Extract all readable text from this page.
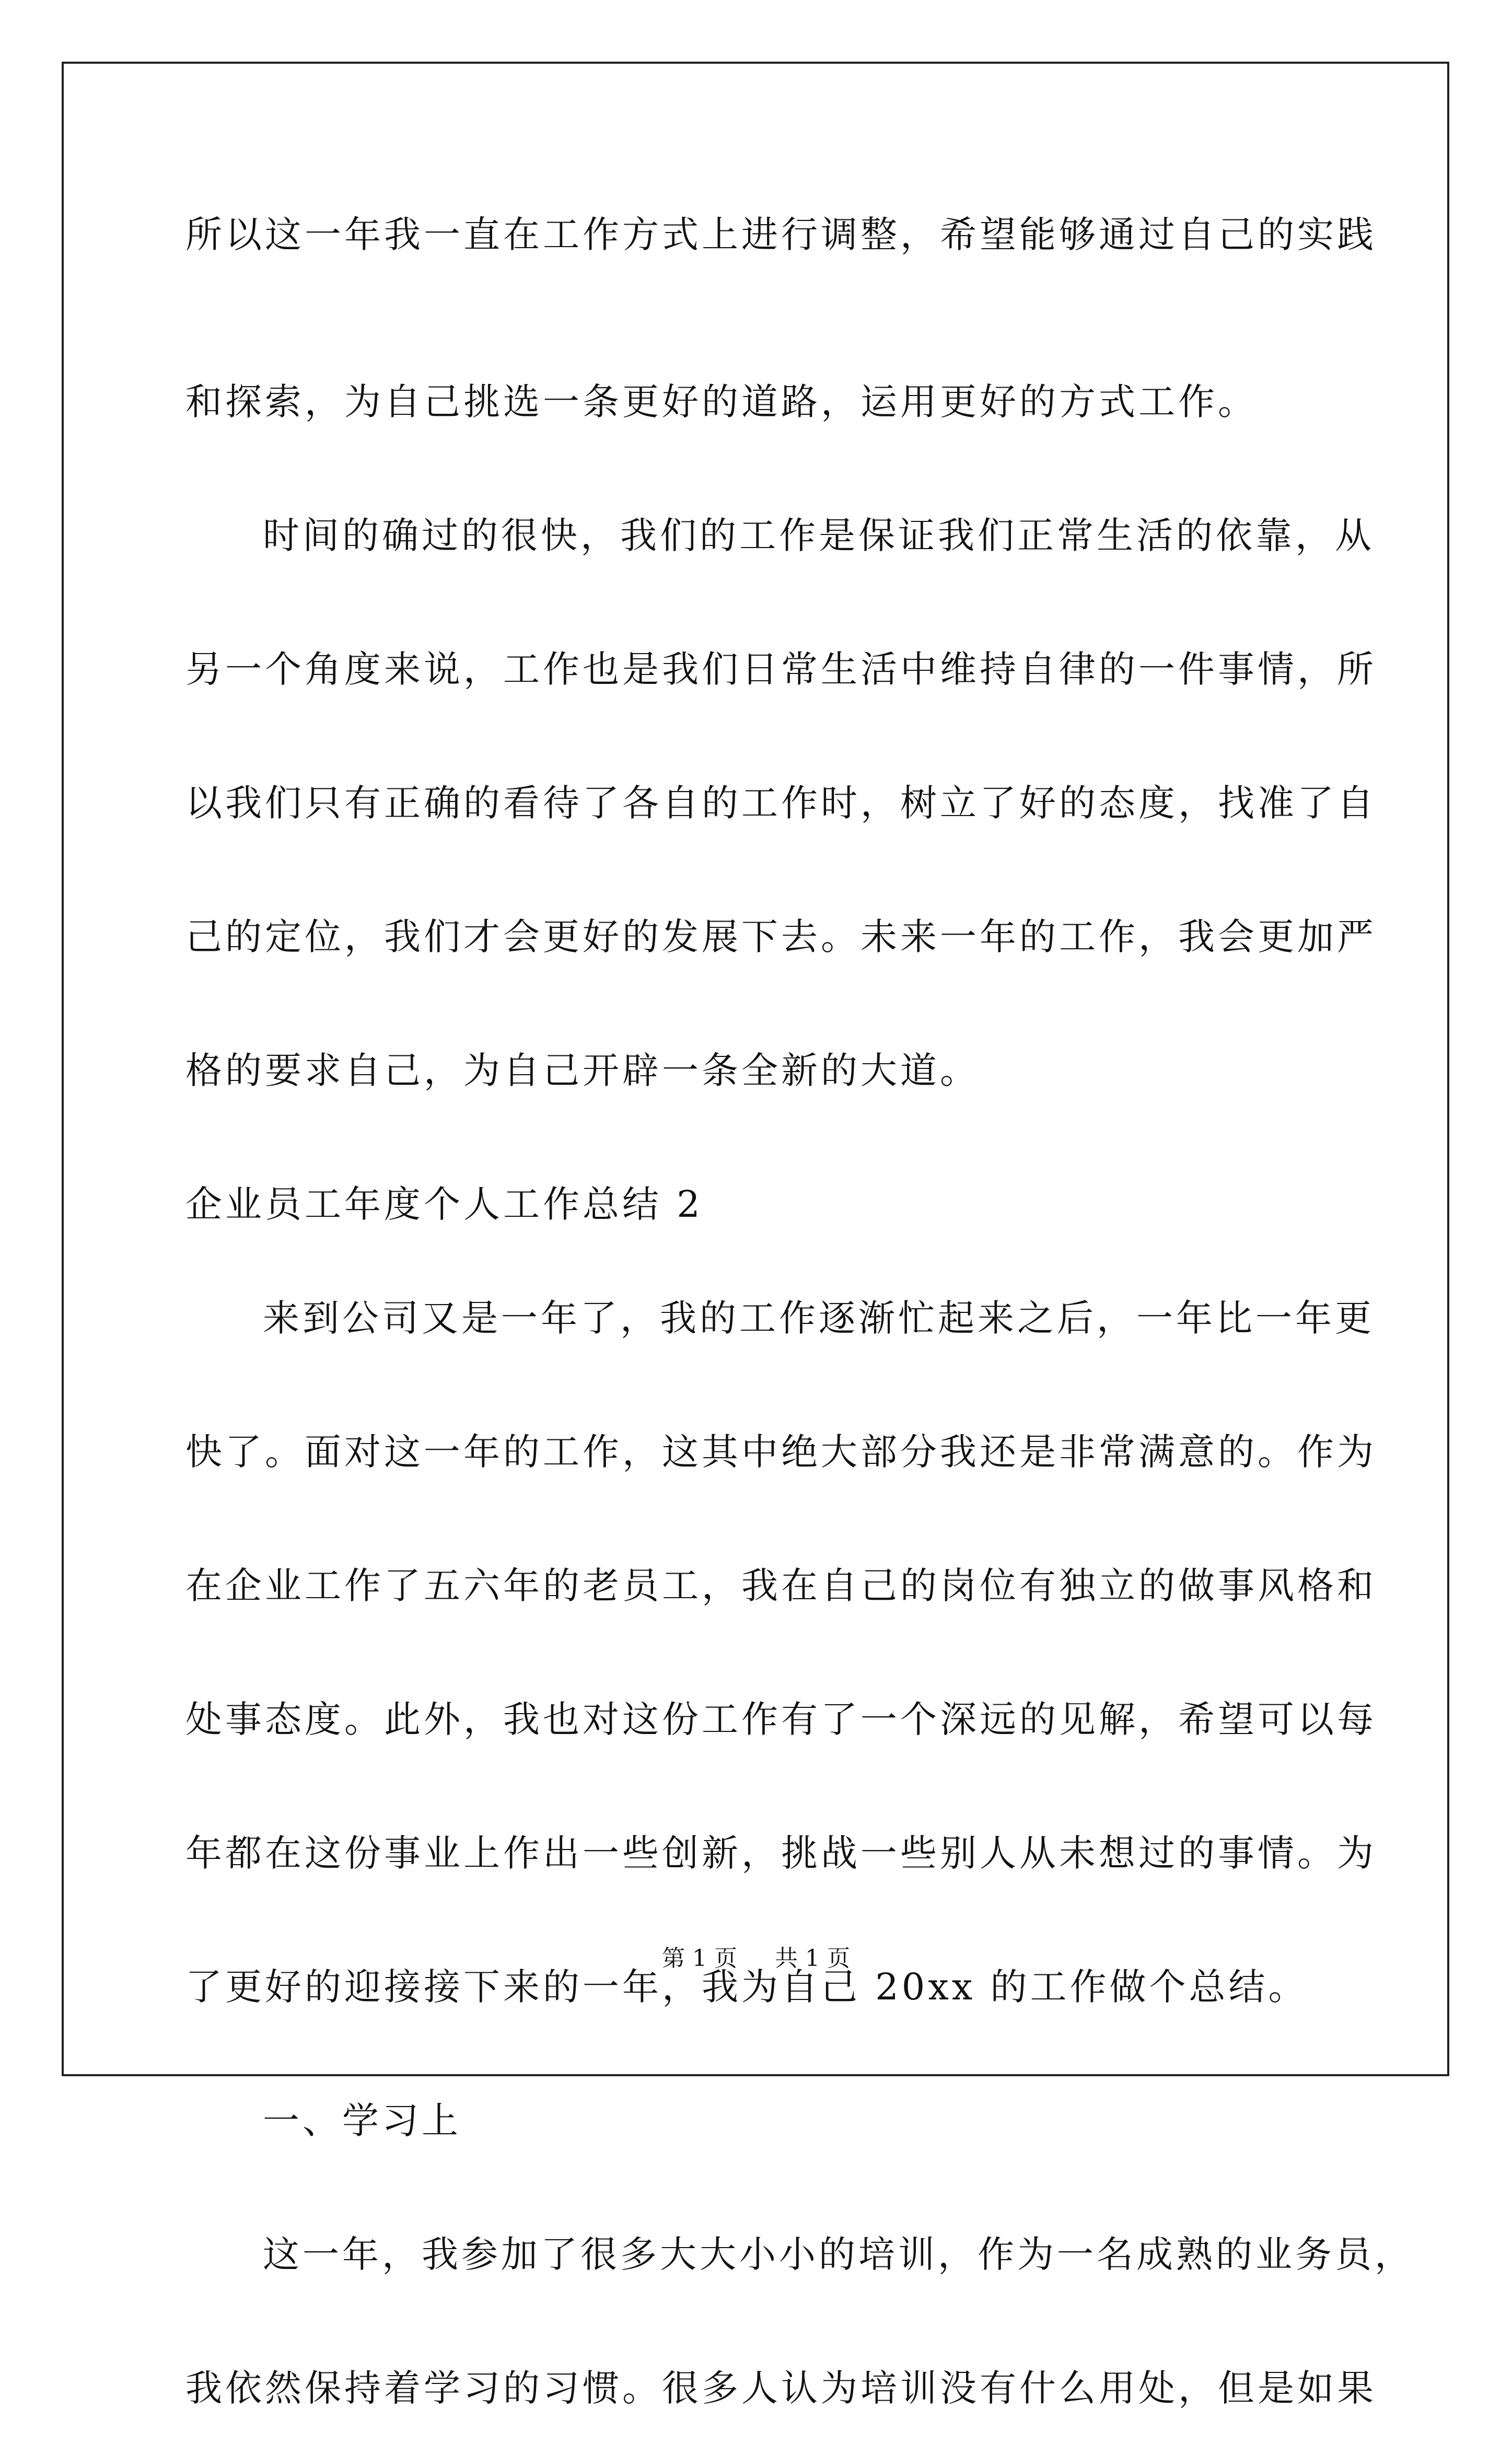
所以这一年我一直在工作方式上进行调整，希望能够通过自己的实践
和探索，为自己挑选一条更好的道路，运用更好的方式工作。
时间的确过的很快，我们的工作是保证我们正常生活的依靠，从
另一个角度来说，工作也是我们日常生活中维持自律的一件事情，所
以我们只有正确的看待了各自的工作时，树立了好的态度，找准了自
己的定位，我们才会更好的发展下去。未来一年的工作，我会更加严
格的要求自己，为自己开辟一条全新的大道。
企业员工年度个人工作总结 2
来到公司又是一年了，我的工作逐渐忙起来之后，一年比一年更
快了。面对这一年的工作，这其中绝大部分我还是非常满意的。作为
在企业工作了五六年的老员工，我在自己的岗位有独立的做事风格和
处事态度。此外，我也对这份工作有了一个深远的见解，希望可以每
年都在这份事业上作出一些创新，挑战一些别人从未想过的事情。为
了更好的迎接接下来的一年，我为自己 20xx 的工作做个总结。
一、学习上
这一年，我参加了很多大大小小的培训，作为一名成熟的业务员，
我依然保持着学习的习惯。很多人认为培训没有什么用处，但是如果
第 1 页 共 1 页
